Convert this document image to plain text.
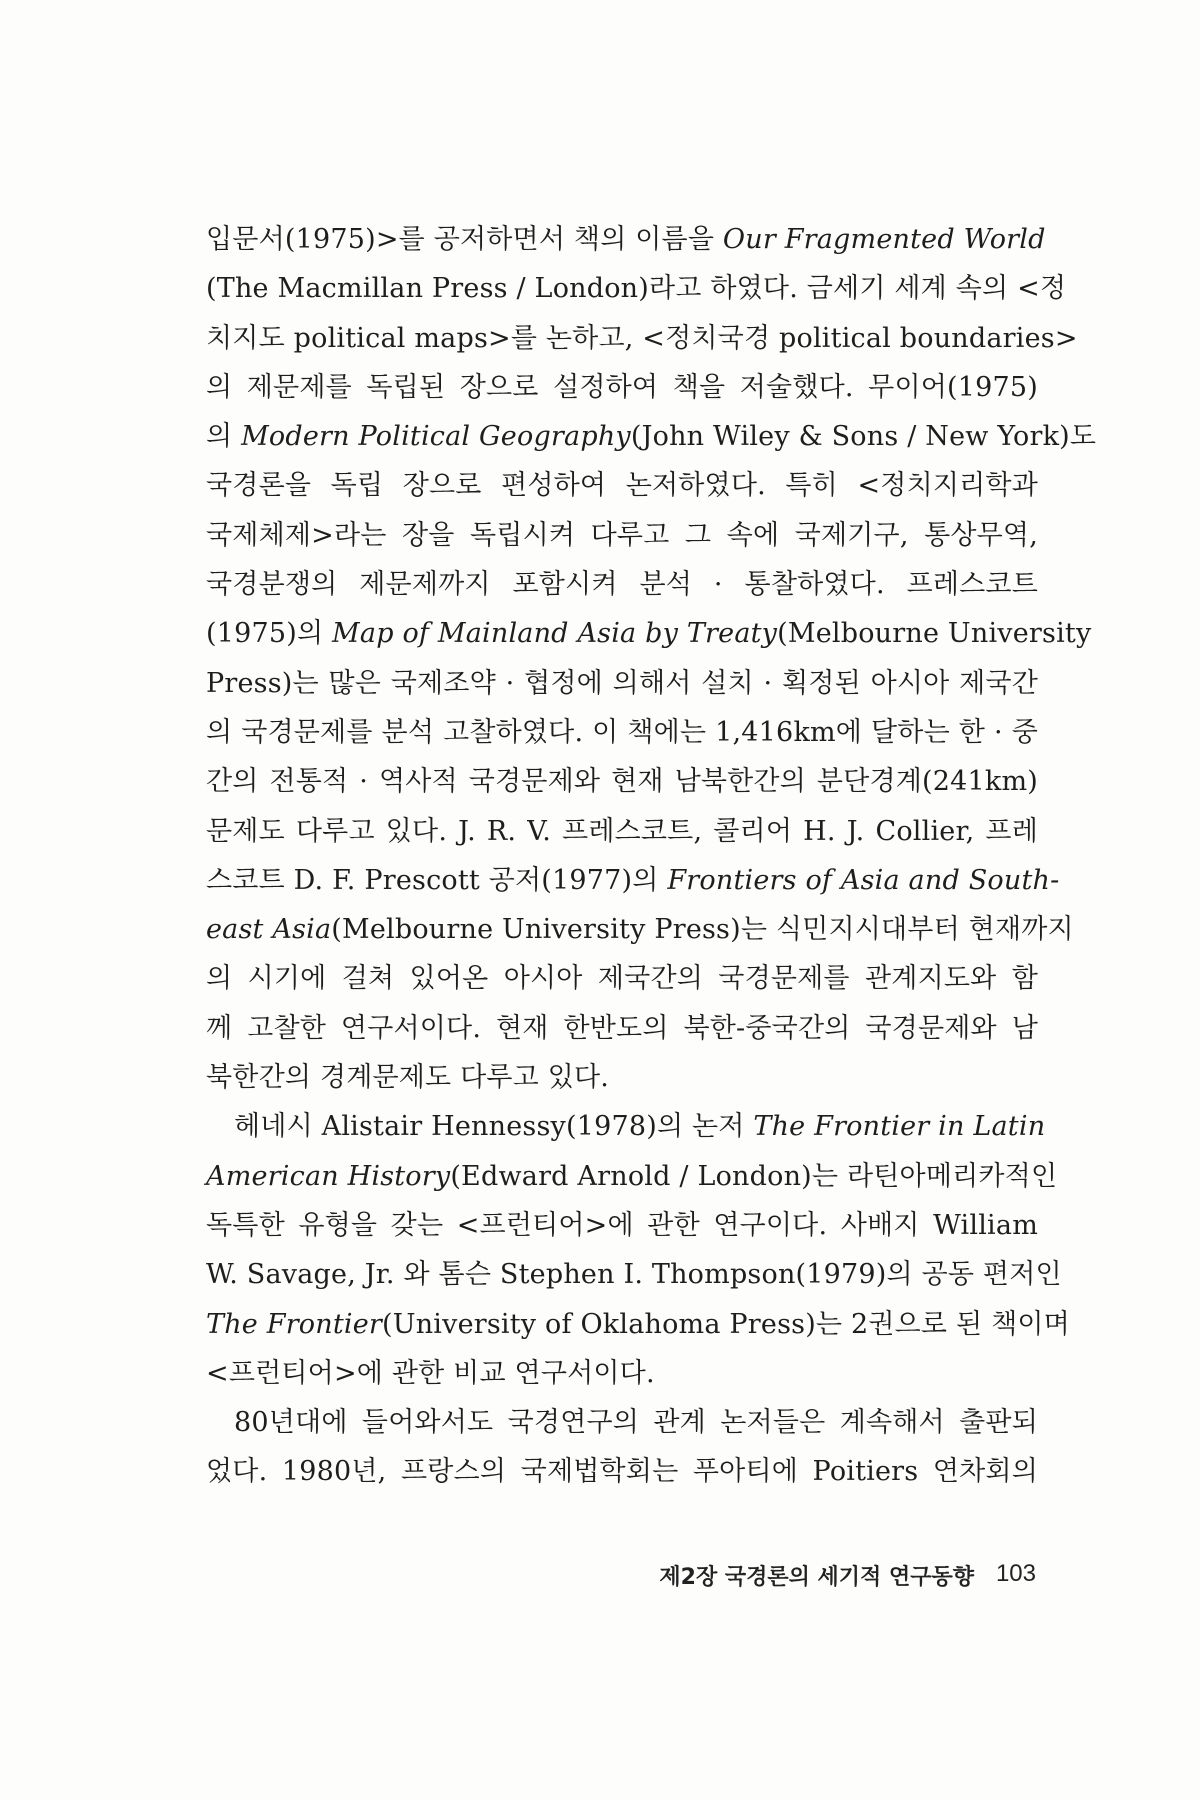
입문서(1975)>를 공저하면서 책의 이름을 Our Fragmented World
(The Macmillan Press / London)라고 하였다. 금세기 세계 속의 <정
치지도 political maps>를 논하고, <정치국경 political boundaries>
의 제문제를 독립된 장으로 설정하여 책을 저술했다. 무이어(1975)
의 Modern Political Geography(John Wiley & Sons / New York)도
국경론을 독립 장으로 편성하여 논저하였다. 특히 <정치지리학과
국제체제>라는 장을 독립시켜 다루고 그 속에 국제기구, 통상무역,
국경분쟁의 제문제까지 포함시켜 분석 · 통찰하였다. 프레스코트
(1975)의 Map of Mainland Asia by Treaty(Melbourne University
Press)는 많은 국제조약 · 협정에 의해서 설치 · 획정된 아시아 제국간
의 국경문제를 분석 고찰하였다. 이 책에는 1,416km에 달하는 한 · 중
간의 전통적 · 역사적 국경문제와 현재 남북한간의 분단경계(241km)
문제도 다루고 있다. J. R. V. 프레스코트, 콜리어 H. J. Collier, 프레
스코트 D. F. Prescott 공저(1977)의 Frontiers of Asia and South-
east Asia(Melbourne University Press)는 식민지시대부터 현재까지
의 시기에 걸쳐 있어온 아시아 제국간의 국경문제를 관계지도와 함
께 고찰한 연구서이다. 현재 한반도의 북한-중국간의 국경문제와 남
북한간의 경계문제도 다루고 있다.
헤네시 Alistair Hennessy(1978)의 논저 The Frontier in Latin
American History(Edward Arnold / London)는 라틴아메리카적인
독특한 유형을 갖는 <프런티어>에 관한 연구이다. 사배지 William
W. Savage, Jr. 와 톰슨 Stephen I. Thompson(1979)의 공동 편저인
The Frontier(University of Oklahoma Press)는 2권으로 된 책이며
<프런티어>에 관한 비교 연구서이다.
80년대에 들어와서도 국경연구의 관계 논저들은 계속해서 출판되
었다. 1980년, 프랑스의 국제법학회는 푸아티에 Poitiers 연차회의
제2장 국경론의 세기적 연구동향 103
